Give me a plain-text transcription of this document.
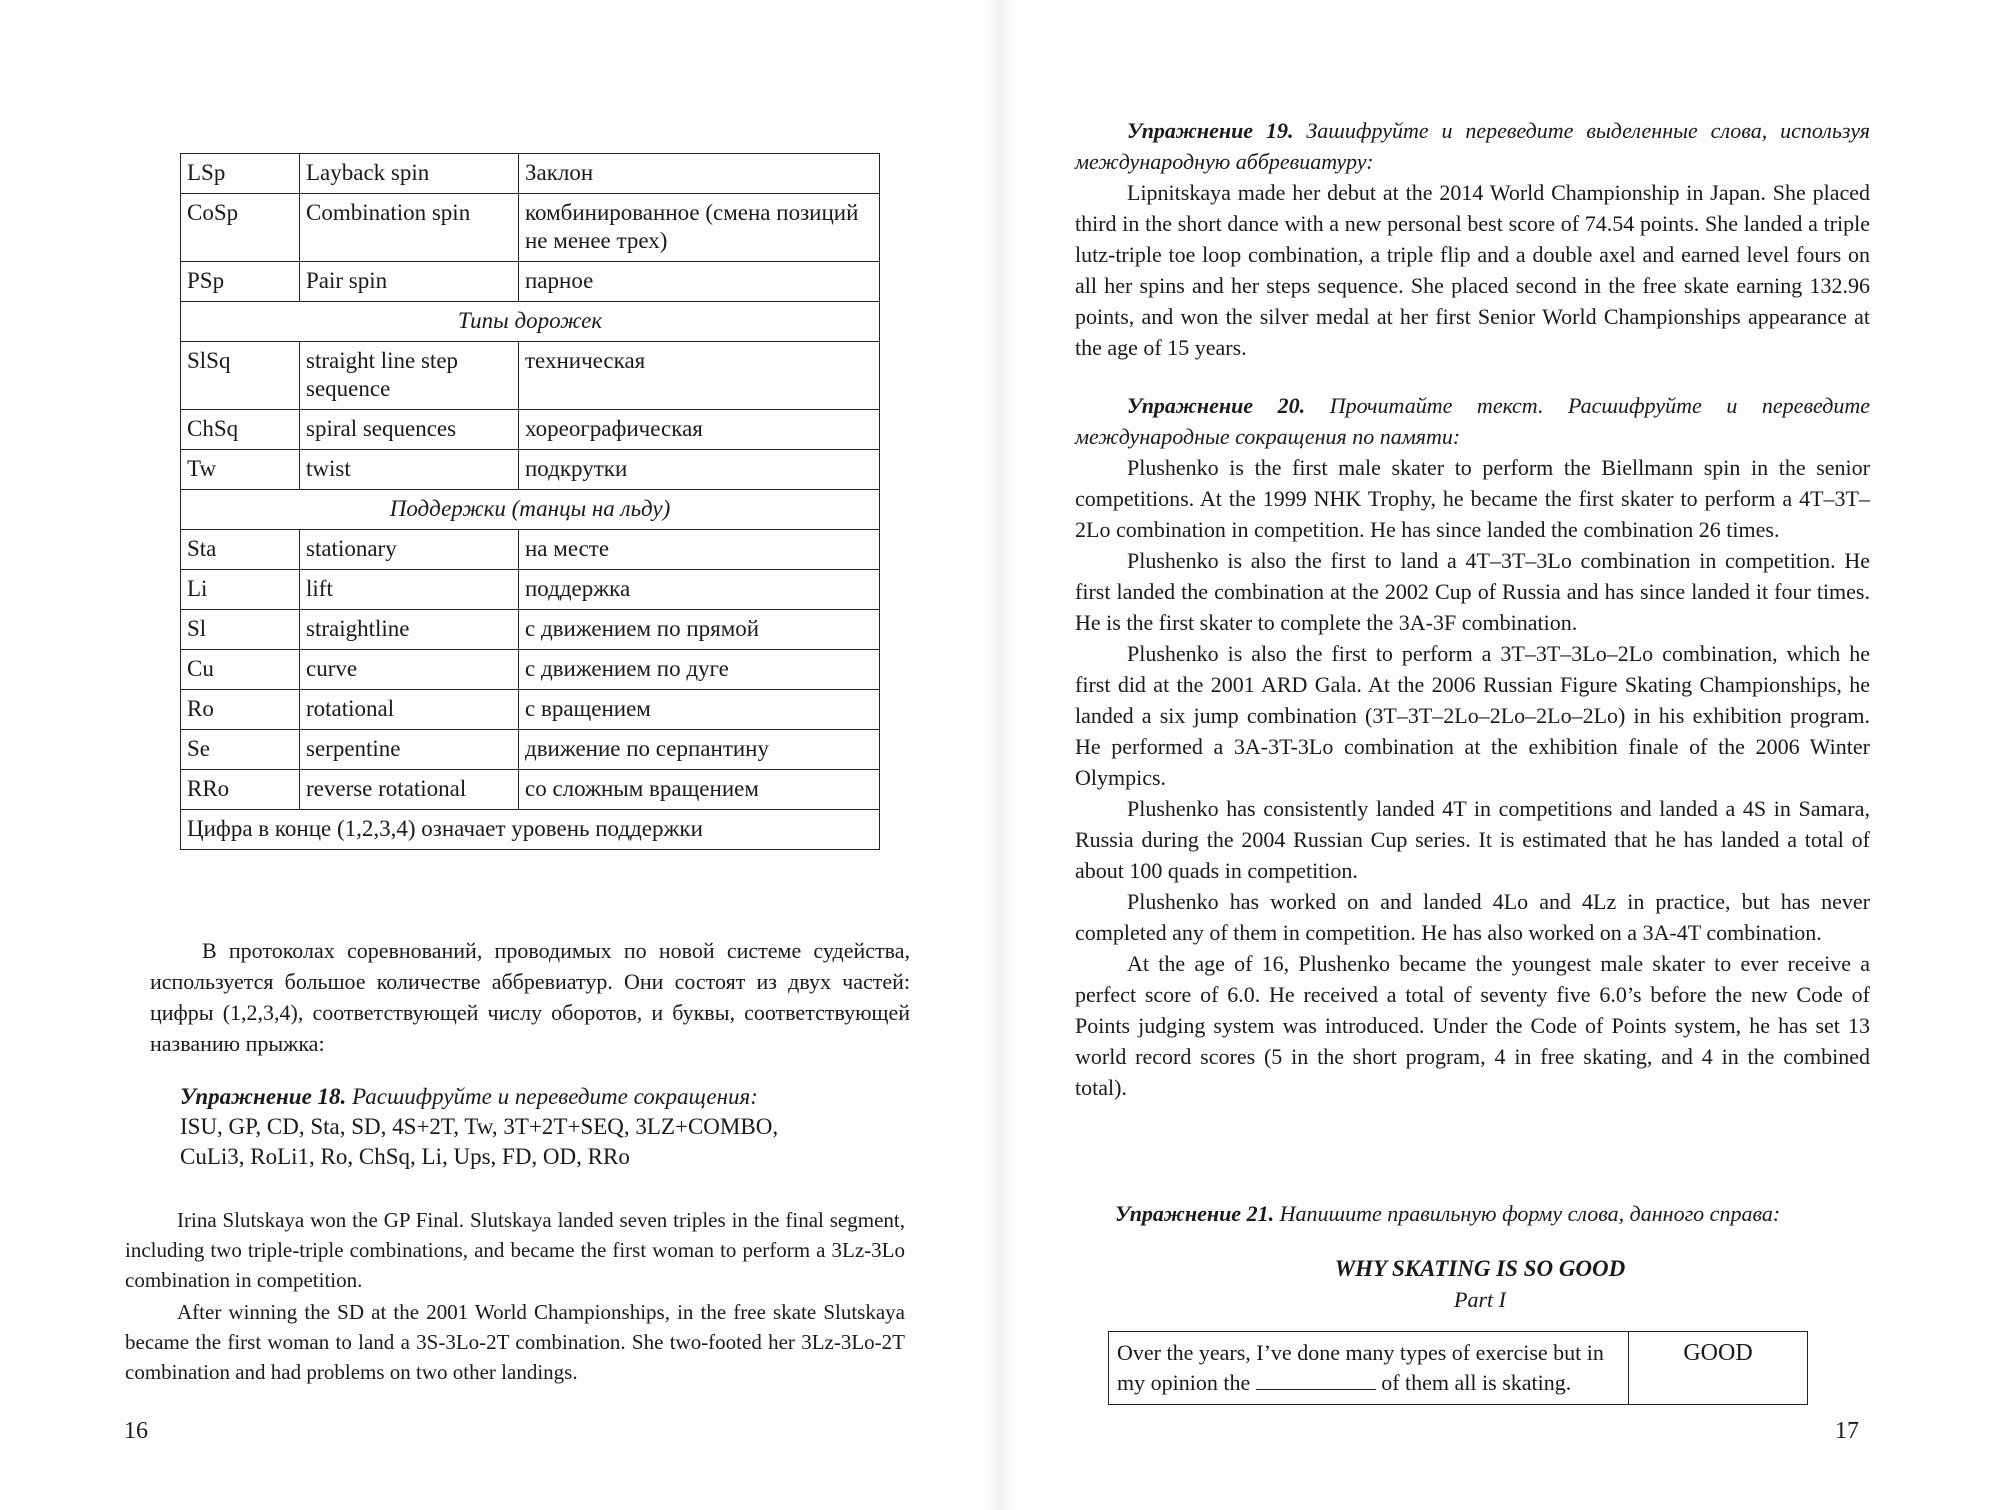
LSp	Layback spin	Заклон
CoSp	Combination spin	комбинированное (смена позиций не менее трех)
PSp	Pair spin	парное
Типы дорожек		
SlSq	straight line step sequence	техническая
ChSq	spiral sequences	хореографическая
Tw	twist	подкрутки
Поддержки (танцы на льду)		
Sta	stationary	на месте
Li	lift	поддержка
Sl	straightline	с движением по прямой
Cu	curve	с движением по дуге
Ro	rotational	с вращением
Se	serpentine	движение по серпантину
RRo	reverse rotational	со сложным вращением
Цифра в конце (1,2,3,4) означает уровень поддержки		
В протоколах соревнований, проводимых по новой системе судейства, используется большое количестве аббревиатур. Они состоят из двух частей: цифры (1,2,3,4), соответствующей числу оборотов, и буквы, соответствующей названию прыжка:
Упражнение 18. Расшифруйте и переведите сокращения:
ISU, GP, CD, Sta, SD, 4S+2T, Tw, 3T+2T+SEQ, 3LZ+COMBO,
CuLi3, RoLi1, Ro, ChSq, Li, Ups, FD, OD, RRo
Irina Slutskaya won the GP Final. Slutskaya landed seven triples in the final segment, including two triple-triple combinations, and became the first woman to perform a 3Lz-3Lo combination in competition.
After winning the SD at the 2001 World Championships, in the free skate Slutskaya became the first woman to land a 3S-3Lo-2T combination. She two-footed her 3Lz-3Lo-2T combination and had problems on two other landings.
16
Упражнение 19. Зашифруйте и переведите выделенные слова, используя международную аббревиатуру:
Lipnitskaya made her debut at the 2014 World Championship in Japan. She placed third in the short dance with a new personal best score of 74.54 points. She landed a triple lutz-triple toe loop combination, a triple flip and a double axel and earned level fours on all her spins and her steps sequence. She placed second in the free skate earning 132.96 points, and won the silver medal at her first Senior World Championships appearance at the age of 15 years.
Упражнение 20. Прочитайте текст. Расшифруйте и переведите международные сокращения по памяти:
Plushenko is the first male skater to perform the Biellmann spin in the senior competitions. At the 1999 NHK Trophy, he became the first skater to perform a 4T–3T–2Lo combination in competition. He has since landed the combination 26 times.
Plushenko is also the first to land a 4T–3T–3Lo combination in competition. He first landed the combination at the 2002 Cup of Russia and has since landed it four times. He is the first skater to complete the 3A-3F combination.
Plushenko is also the first to perform a 3T–3T–3Lo–2Lo combination, which he first did at the 2001 ARD Gala. At the 2006 Russian Figure Skating Championships, he landed a six jump combination (3T–3T–2Lo–2Lo–2Lo–2Lo) in his exhibition program. He performed a 3A-3T-3Lo combination at the exhibition finale of the 2006 Winter Olympics.
Plushenko has consistently landed 4T in competitions and landed a 4S in Samara, Russia during the 2004 Russian Cup series. It is estimated that he has landed a total of about 100 quads in competition.
Plushenko has worked on and landed 4Lo and 4Lz in practice, but has never completed any of them in competition. He has also worked on a 3A-4T combination.
At the age of 16, Plushenko became the youngest male skater to ever receive a perfect score of 6.0. He received a total of seventy five 6.0’s before the new Code of Points judging system was introduced. Under the Code of Points system, he has set 13 world record scores (5 in the short program, 4 in free skating, and 4 in the combined total).
Упражнение 21. Напишите правильную форму слова, данного справа:
WHY SKATING IS SO GOOD
Part I
17
Over the years, I’ve done many types of exercise but in my opinion the	of them all is skating.	GOOD
